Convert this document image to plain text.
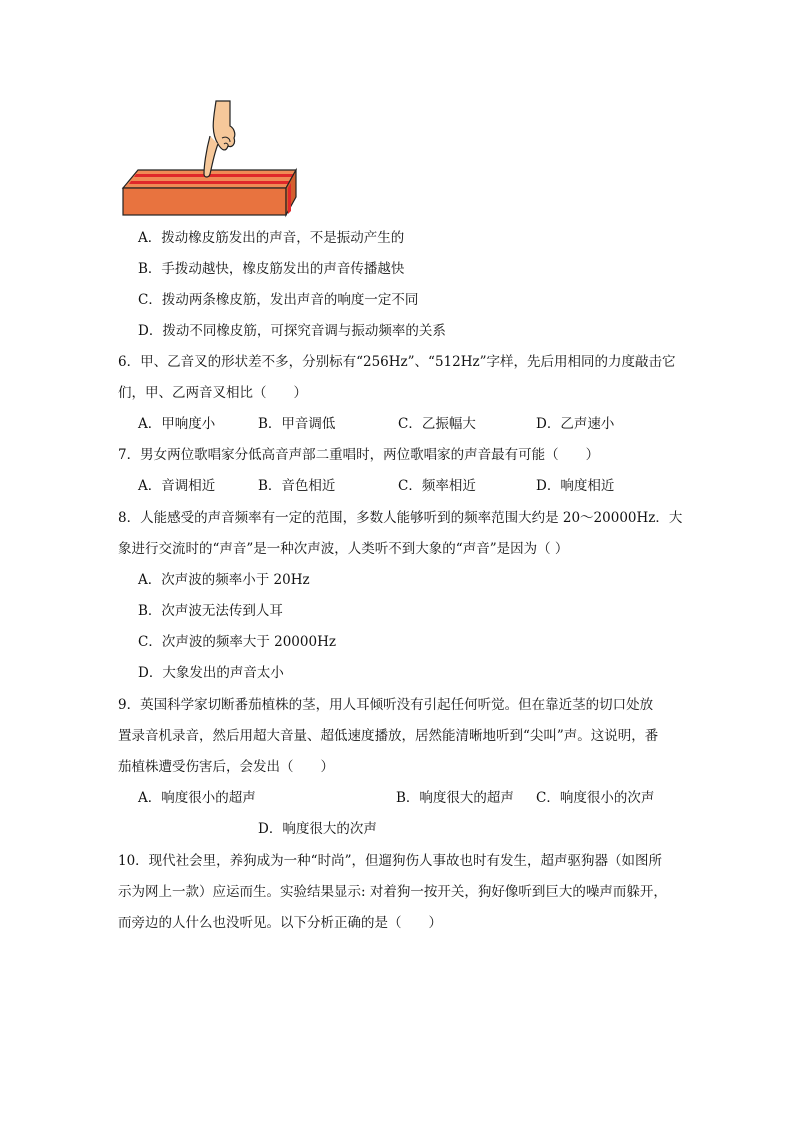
A．拨动橡皮筋发出的声音，不是振动产生的
B．手拨动越快，橡皮筋发出的声音传播越快
C．拨动两条橡皮筋，发出声音的响度一定不同
D．拨动不同橡皮筋，可探究音调与振动频率的关系
6．甲、乙音叉的形状差不多，分别标有“256Hz”、“512Hz”字样，先后用相同的力度敲击它
们，甲、乙两音叉相比（　　）
A．甲响度小	B．甲音调低	C．乙振幅大	D．乙声速小
7．男女两位歌唱家分低高音声部二重唱时，两位歌唱家的声音最有可能（　　）
A．音调相近	B．音色相近	C．频率相近	D．响度相近
8．人能感受的声音频率有一定的范围，多数人能够听到的频率范围大约是 20～20000Hz．大
象进行交流时的“声音”是一种次声波，人类听不到大象的“声音”是因为（ ）
A．次声波的频率小于 20Hz
B．次声波无法传到人耳
C．次声波的频率大于 20000Hz
D．大象发出的声音太小
9．英国科学家切断番茄植株的茎，用人耳倾听没有引起任何听觉。但在靠近茎的切口处放
置录音机录音，然后用超大音量、超低速度播放，居然能清晰地听到“尖叫”声。这说明，番
茄植株遭受伤害后，会发出（　　）
A．响度很小的超声	B．响度很大的超声 C．响度很小的次声
D．响度很大的次声
10．现代社会里，养狗成为一种“时尚”，但遛狗伤人事故也时有发生，超声驱狗器（如图所
示为网上一款）应运而生。实验结果显示: 对着狗一按开关，狗好像听到巨大的噪声而躲开，
而旁边的人什么也没听见。以下分析正确的是（　　）
